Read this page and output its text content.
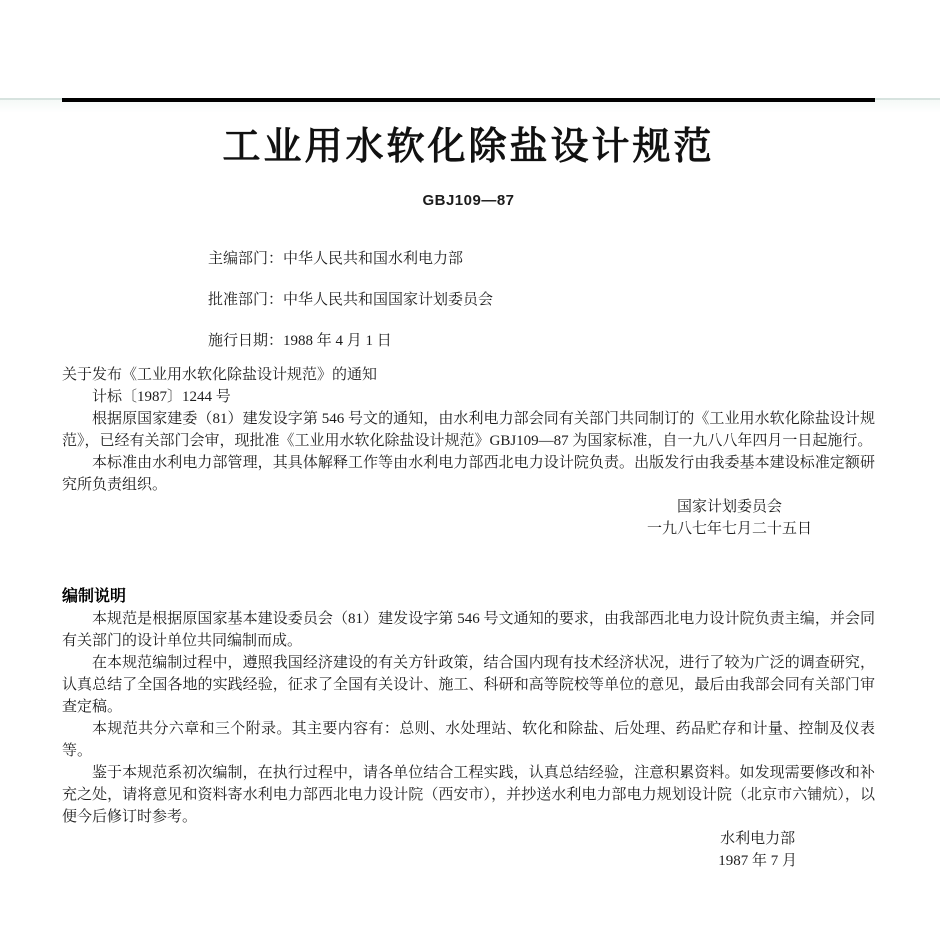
工业用水软化除盐设计规范
GBJ109—87
主编部门：中华人民共和国水利电力部
批准部门：中华人民共和国国家计划委员会
施行日期：1988 年 4 月 1 日

关于发布《工业用水软化除盐设计规范》的通知

计标〔1987〕1244 号

根据原国家建委（81）建发设字第 546 号文的通知，由水利电力部会同有关部门共同制订的《工业用水软化除盐设计规范》，已经有关部门会审，现批准《工业用水软化除盐设计规范》GBJ109—87 为国家标准，自一九八八年四月一日起施行。

本标准由水利电力部管理，其具体解释工作等由水利电力部西北电力设计院负责。出版发行由我委基本建设标准定额研究所负责组织。

国家计划委员会
一九八七年七月二十五日
编制说明

本规范是根据原国家基本建设委员会（81）建发设字第 546 号文通知的要求，由我部西北电力设计院负责主编，并会同有关部门的设计单位共同编制而成。

在本规范编制过程中，遵照我国经济建设的有关方针政策，结合国内现有技术经济状况，进行了较为广泛的调查研究，认真总结了全国各地的实践经验，征求了全国有关设计、施工、科研和高等院校等单位的意见，最后由我部会同有关部门审查定稿。

本规范共分六章和三个附录。其主要内容有：总则、水处理站、软化和除盐、后处理、药品贮存和计量、控制及仪表等。

鉴于本规范系初次编制，在执行过程中，请各单位结合工程实践，认真总结经验，注意积累资料。如发现需要修改和补充之处，请将意见和资料寄水利电力部西北电力设计院（西安市），并抄送水利电力部电力规划设计院（北京市六铺炕），以便今后修订时参考。

水利电力部
1987 年 7 月
